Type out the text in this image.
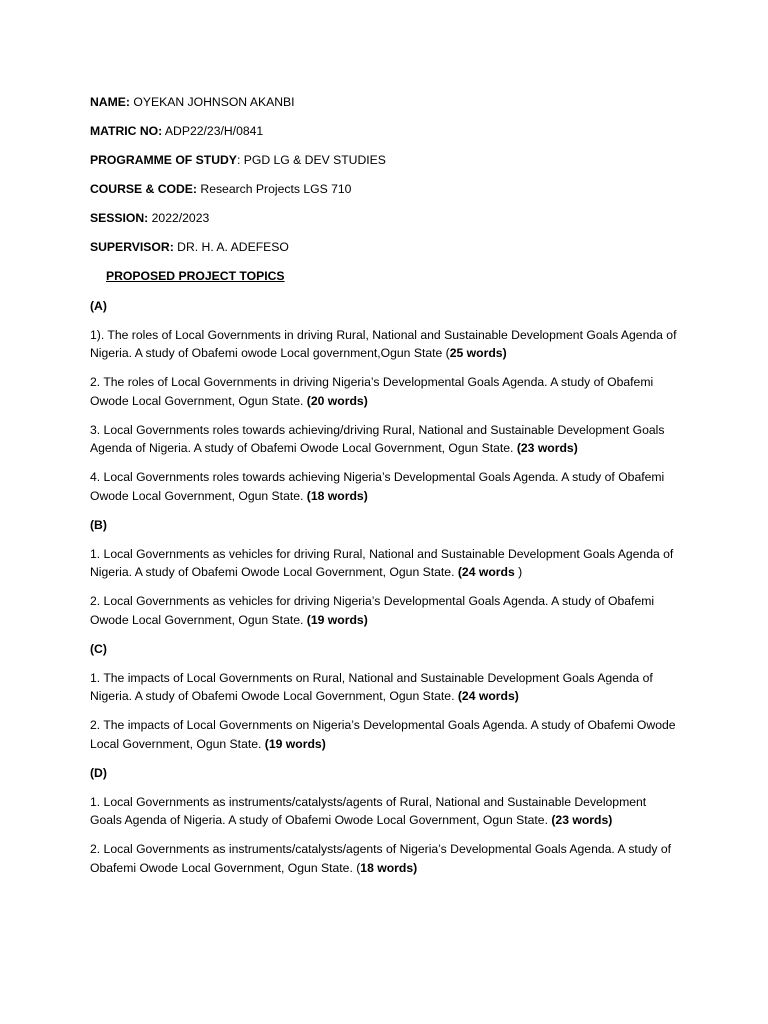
NAME: OYEKAN JOHNSON AKANBI

MATRIC NO: ADP22/23/H/0841

PROGRAMME OF STUDY: PGD LG & DEV STUDIES

COURSE & CODE: Research Projects LGS 710

SESSION: 2022/2023

SUPERVISOR: DR. H. A. ADEFESO

PROPOSED PROJECT TOPICS

(A)

1). The roles of Local Governments in driving Rural, National and Sustainable Development Goals Agenda of Nigeria. A study of Obafemi owode Local government,Ogun State (25 words)

2. The roles of Local Governments in driving Nigeria’s Developmental Goals Agenda. A study of Obafemi Owode Local Government, Ogun State. (20 words)

3. Local Governments roles towards achieving/driving Rural, National and Sustainable Development Goals Agenda of Nigeria. A study of Obafemi Owode Local Government, Ogun State. (23 words)

4. Local Governments roles towards achieving Nigeria’s Developmental Goals Agenda. A study of Obafemi Owode Local Government, Ogun State. (18 words)

(B)

1. Local Governments as vehicles for driving Rural, National and Sustainable Development Goals Agenda of Nigeria. A study of Obafemi Owode Local Government, Ogun State. (24 words )

2. Local Governments as vehicles for driving Nigeria’s Developmental Goals Agenda. A study of Obafemi Owode Local Government, Ogun State. (19 words)

(C)

1. The impacts of Local Governments on Rural, National and Sustainable Development Goals Agenda of Nigeria. A study of Obafemi Owode Local Government, Ogun State. (24 words)

2. The impacts of Local Governments on Nigeria’s Developmental Goals Agenda. A study of Obafemi Owode Local Government, Ogun State. (19 words)

(D)

1. Local Governments as instruments/catalysts/agents of Rural, National and Sustainable Development Goals Agenda of Nigeria. A study of Obafemi Owode Local Government, Ogun State. (23 words)

2. Local Governments as instruments/catalysts/agents of Nigeria’s Developmental Goals Agenda. A study of Obafemi Owode Local Government, Ogun State. (18 words)
